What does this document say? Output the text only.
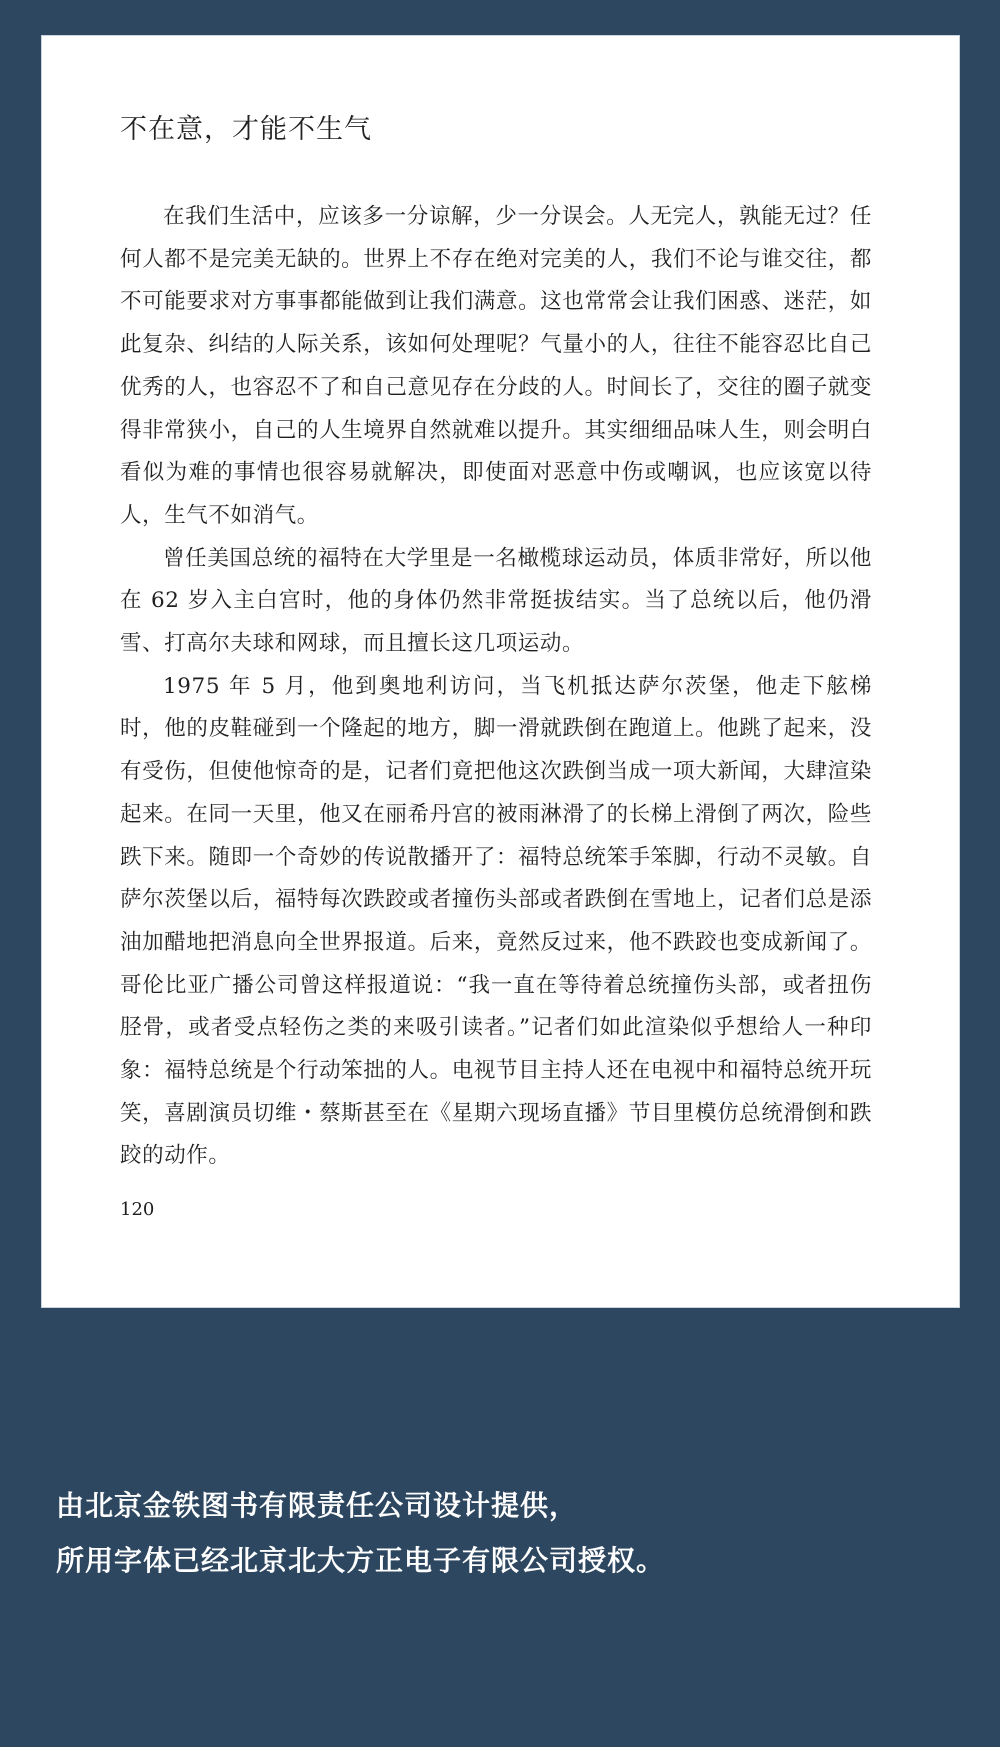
不在意，才能不生气

在我们生活中，应该多一分谅解，少一分误会。人无完人，孰能无过？任何人都不是完美无缺的。世界上不存在绝对完美的人，我们不论与谁交往，都不可能要求对方事事都能做到让我们满意。这也常常会让我们困惑、迷茫，如此复杂、纠结的人际关系，该如何处理呢？气量小的人，往往不能容忍比自己优秀的人，也容忍不了和自己意见存在分歧的人。时间长了，交往的圈子就变得非常狭小，自己的人生境界自然就难以提升。其实细细品味人生，则会明白看似为难的事情也很容易就解决，即使面对恶意中伤或嘲讽，也应该宽以待人，生气不如消气。

曾任美国总统的福特在大学里是一名橄榄球运动员，体质非常好，所以他在 62 岁入主白宫时，他的身体仍然非常挺拔结实。当了总统以后，他仍滑雪、打高尔夫球和网球，而且擅长这几项运动。

1975 年 5 月，他到奥地利访问，当飞机抵达萨尔茨堡，他走下舷梯时，他的皮鞋碰到一个隆起的地方，脚一滑就跌倒在跑道上。他跳了起来，没有受伤，但使他惊奇的是，记者们竟把他这次跌倒当成一项大新闻，大肆渲染起来。在同一天里，他又在丽希丹宫的被雨淋滑了的长梯上滑倒了两次，险些跌下来。随即一个奇妙的传说散播开了：福特总统笨手笨脚，行动不灵敏。自萨尔茨堡以后，福特每次跌跤或者撞伤头部或者跌倒在雪地上，记者们总是添油加醋地把消息向全世界报道。后来，竟然反过来，他不跌跤也变成新闻了。哥伦比亚广播公司曾这样报道说：“我一直在等待着总统撞伤头部，或者扭伤胫骨，或者受点轻伤之类的来吸引读者。”记者们如此渲染似乎想给人一种印象：福特总统是个行动笨拙的人。电视节目主持人还在电视中和福特总统开玩笑，喜剧演员切维・蔡斯甚至在《星期六现场直播》节目里模仿总统滑倒和跌跤的动作。

120
由北京金铁图书有限责任公司设计提供，
所用字体已经北京北大方正电子有限公司授权。
